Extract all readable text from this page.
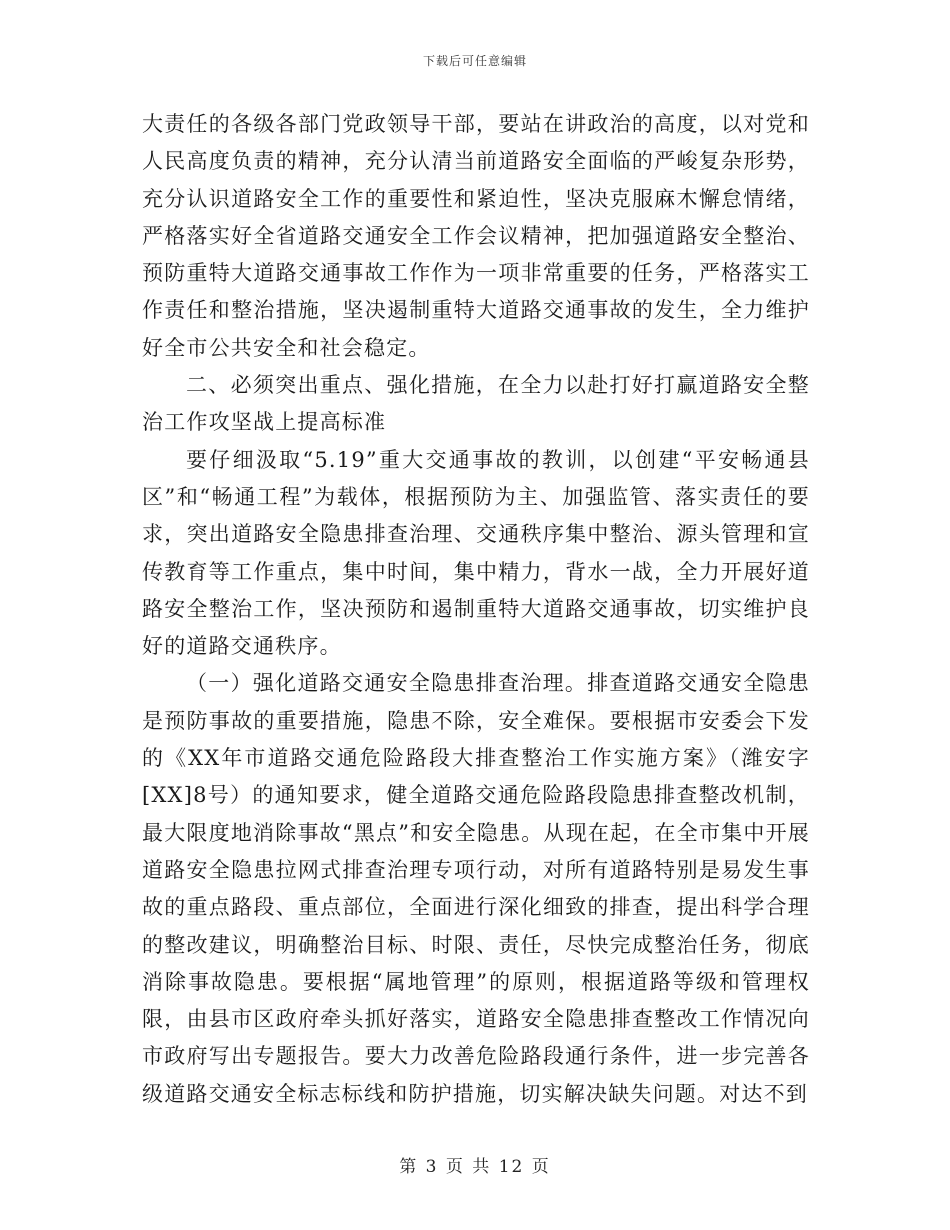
下载后可任意编辑

大责任的各级各部门党政领导干部，要站在讲政治的高度，以对党和人民高度负责的精神，充分认清当前道路安全面临的严峻复杂形势，充分认识道路安全工作的重要性和紧迫性，坚决克服麻木懈怠情绪，严格落实好全省道路交通安全工作会议精神，把加强道路安全整治、预防重特大道路交通事故工作作为一项非常重要的任务，严格落实工作责任和整治措施，坚决遏制重特大道路交通事故的发生，全力维护好全市公共安全和社会稳定。

二、必须突出重点、强化措施，在全力以赴打好打赢道路安全整治工作攻坚战上提高标准

要仔细汲取“5.19”重大交通事故的教训，以创建“平安畅通县区”和“畅通工程”为载体，根据预防为主、加强监管、落实责任的要求，突出道路安全隐患排查治理、交通秩序集中整治、源头管理和宣传教育等工作重点，集中时间，集中精力，背水一战，全力开展好道路安全整治工作，坚决预防和遏制重特大道路交通事故，切实维护良好的道路交通秩序。

（一）强化道路交通安全隐患排查治理。排查道路交通安全隐患是预防事故的重要措施，隐患不除，安全难保。要根据市安委会下发的《XX年市道路交通危险路段大排查整治工作实施方案》（潍安字[XX]8号）的通知要求，健全道路交通危险路段隐患排查整改机制，最大限度地消除事故“黑点”和安全隐患。从现在起，在全市集中开展道路安全隐患拉网式排查治理专项行动，对所有道路特别是易发生事故的重点路段、重点部位，全面进行深化细致的排查，提出科学合理的整改建议，明确整治目标、时限、责任，尽快完成整治任务，彻底消除事故隐患。要根据“属地管理”的原则，根据道路等级和管理权限，由县市区政府牵头抓好落实，道路安全隐患排查整改工作情况向市政府写出专题报告。要大力改善危险路段通行条件，进一步完善各级道路交通安全标志标线和防护措施，切实解决缺失问题。对达不到

第 3 页 共 12 页
